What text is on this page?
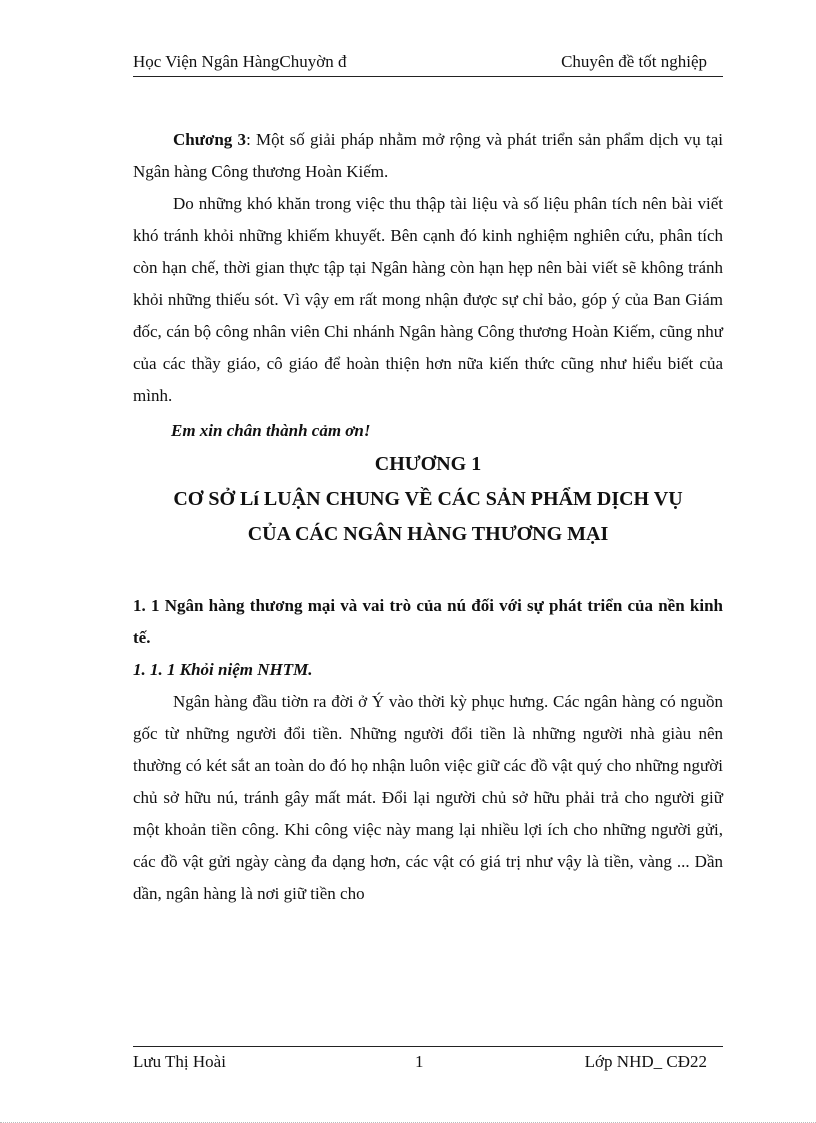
Học Viện Ngân HàngChuyờn đ	Chuyên đề tốt nghiệp

Chương 3: Một số giải pháp nhằm mở rộng và phát triển sản phẩm dịch vụ tại Ngân hàng Công thương Hoàn Kiếm.

Do những khó khăn trong việc thu thập tài liệu và số liệu phân tích nên bài viết khó tránh khỏi những khiếm khuyết. Bên cạnh đó kinh nghiệm nghiên cứu, phân tích còn hạn chế, thời gian thực tập tại Ngân hàng còn hạn hẹp nên bài viết sẽ không tránh khỏi những thiếu sót. Vì vậy em rất mong nhận được sự chỉ bảo, góp ý của Ban Giám đốc, cán bộ công nhân viên Chi nhánh Ngân hàng Công thương Hoàn Kiếm, cũng như của các thầy giáo, cô giáo để hoàn thiện hơn nữa kiến thức cũng như hiểu biết của mình.

Em xin chân thành cảm ơn!

CHƯƠNG 1

CƠ SỞ Lí LUẬN CHUNG VỀ CÁC SẢN PHẨM DỊCH VỤ

CỦA CÁC NGÂN HÀNG THƯƠNG MẠI

1. 1 Ngân hàng thương mại và vai trò của nú đối với sự phát triển của nền kinh tế.

1. 1. 1 Khỏi niệm NHTM.

Ngân hàng đầu tiờn ra đời ở Ý vào thời kỳ phục hưng. Các ngân hàng có nguồn gốc từ những người đổi tiền. Những người đổi tiền là những người nhà giàu nên thường có két sắt an toàn do đó họ nhận luôn việc giữ các đồ vật quý cho những người chủ sở hữu nú, tránh gây mất mát. Đổi lại người chủ sở hữu phải trả cho người giữ một khoản tiền công. Khi công việc này mang lại nhiều lợi ích cho những người gửi, các đồ vật gửi ngày càng đa dạng hơn, các vật có giá trị như vậy là tiền, vàng ... Dần dần, ngân hàng là nơi giữ tiền cho

Lưu Thị Hoài	1	Lớp NHD_ CĐ22
